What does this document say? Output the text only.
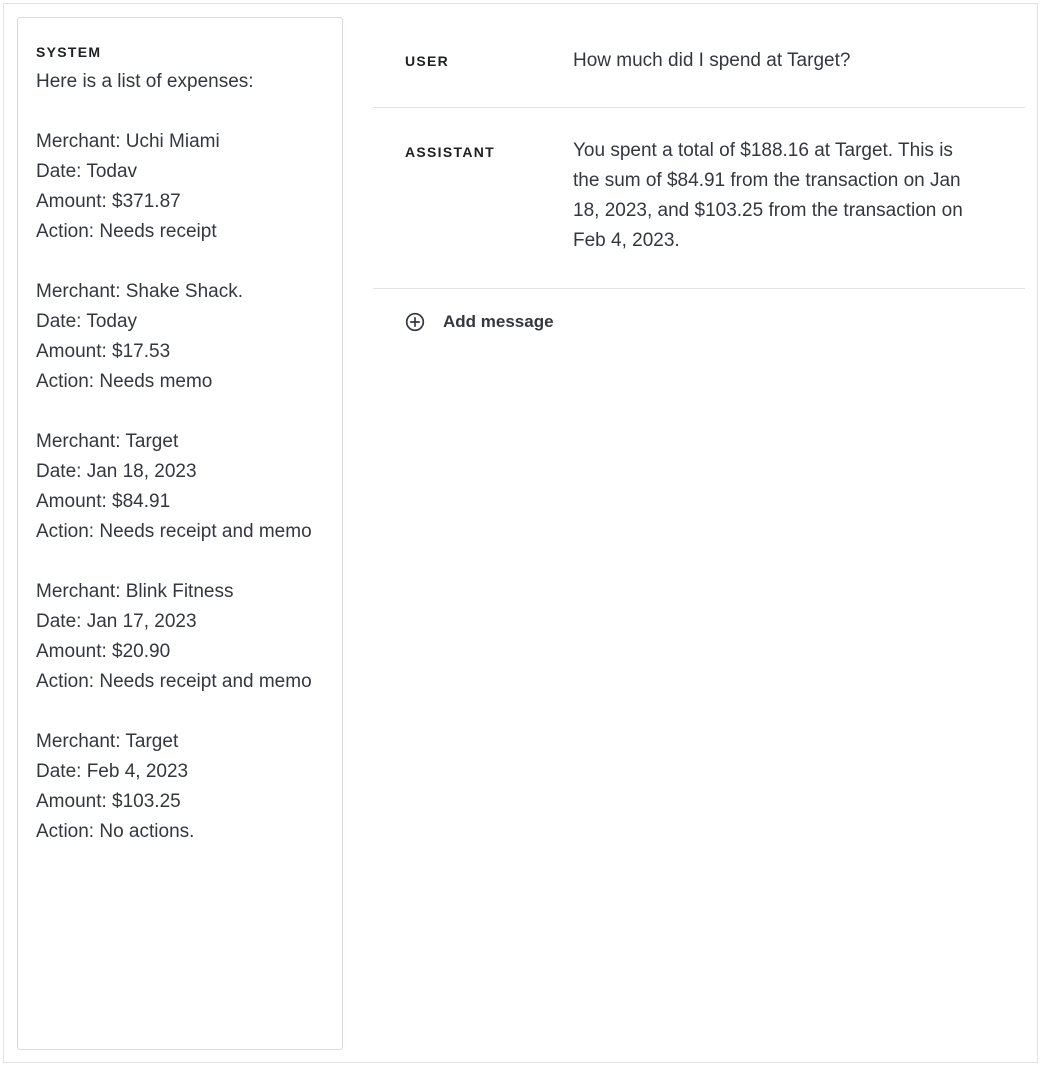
SYSTEM
Here is a list of expenses:

Merchant: Uchi Miami
Date: Todav
Amount: $371.87
Action: Needs receipt

Merchant: Shake Shack.
Date: Today
Amount: $17.53
Action: Needs memo

Merchant: Target
Date: Jan 18, 2023
Amount: $84.91
Action: Needs receipt and memo

Merchant: Blink Fitness
Date: Jan 17, 2023
Amount: $20.90
Action: Needs receipt and memo

Merchant: Target
Date: Feb 4, 2023
Amount: $103.25
Action: No actions.
USER	How much did I spend at Target?
ASSISTANT	You spent a total of $188.16 at Target. This is the sum of $84.91 from the transaction on Jan 18, 2023, and $103.25 from the transaction on Feb 4, 2023.
Add message
